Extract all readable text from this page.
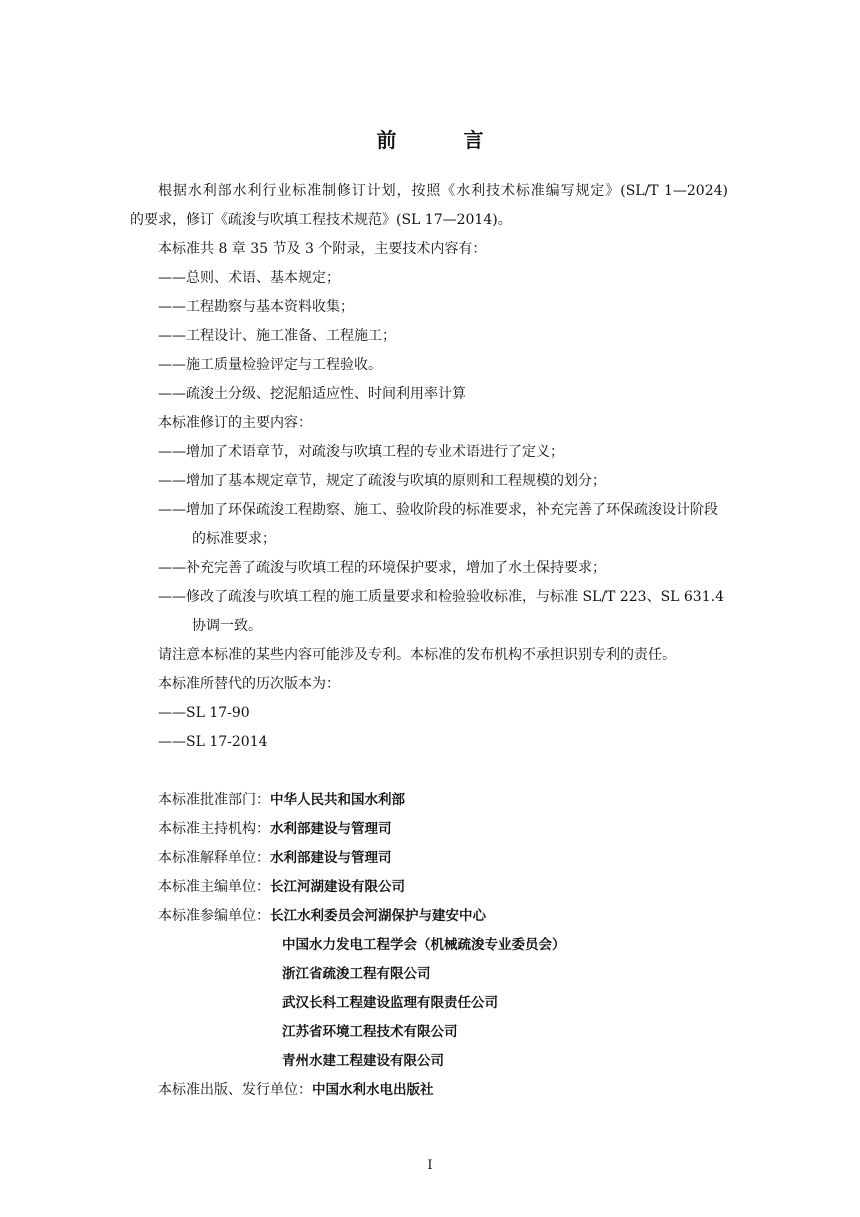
前 言

根据水利部水利行业标准制修订计划，按照《水利技术标准编写规定》(SL/T 1—2024)

的要求，修订《疏浚与吹填工程技术规范》(SL 17—2014)。

本标准共 8 章 35 节及 3 个附录，主要技术内容有：

——总则、术语、基本规定；

——工程勘察与基本资料收集；

——工程设计、施工准备、工程施工；

——施工质量检验评定与工程验收。

——疏浚土分级、挖泥船适应性、时间利用率计算

本标准修订的主要内容：

——增加了术语章节，对疏浚与吹填工程的专业术语进行了定义；

——增加了基本规定章节，规定了疏浚与吹填的原则和工程规模的划分；

——增加了环保疏浚工程勘察、施工、验收阶段的标准要求，补充完善了环保疏浚设计阶段的标准要求；

——补充完善了疏浚与吹填工程的环境保护要求，增加了水土保持要求；

——修改了疏浚与吹填工程的施工质量要求和检验验收标准，与标准 SL/T 223、SL 631.4 协调一致。

请注意本标准的某些内容可能涉及专利。本标准的发布机构不承担识别专利的责任。

本标准所替代的历次版本为：

——SL 17-90

——SL 17-2014

本标准批准部门： 中华人民共和国水利部
本标准主持机构： 水利部建设与管理司
本标准解释单位： 水利部建设与管理司
本标准主编单位： 长江河湖建设有限公司
本标准参编单位： 长江水利委员会河湖保护与建安中心
中国水力发电工程学会（机械疏浚专业委员会）
浙江省疏浚工程有限公司
武汉长科工程建设监理有限责任公司
江苏省环境工程技术有限公司
青州水建工程建设有限公司
本标准出版、发行单位： 中国水利水电出版社
I
